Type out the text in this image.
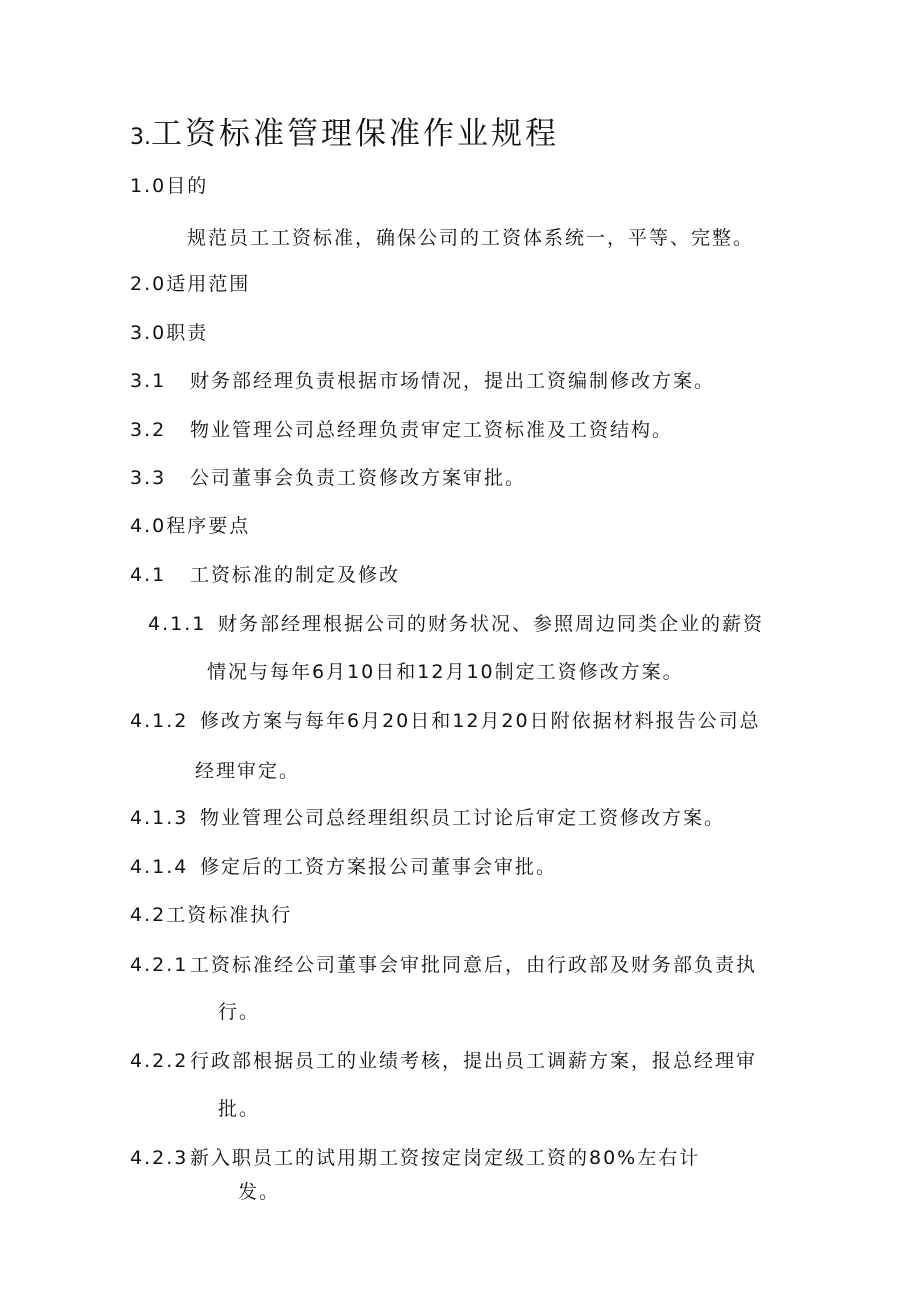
3.工资标准管理保准作业规程
1.0目的
规范员工工资标准，确保公司的工资体系统一，平等、完整。
2.0适用范围
3.0职责
3.1 财务部经理负责根据市场情况，提出工资编制修改方案。
3.2 物业管理公司总经理负责审定工资标准及工资结构。
3.3 公司董事会负责工资修改方案审批。
4.0程序要点
4.1 工资标准的制定及修改
4.1.1 财务部经理根据公司的财务状况、参照周边同类企业的薪资
情况与每年6月10日和12月10制定工资修改方案。
4.1.2 修改方案与每年6月20日和12月20日附依据材料报告公司总
经理审定。
4.1.3 物业管理公司总经理组织员工讨论后审定工资修改方案。
4.1.4 修定后的工资方案报公司董事会审批。
4.2工资标准执行
4.2.1工资标准经公司董事会审批同意后，由行政部及财务部负责执
行。
4.2.2行政部根据员工的业绩考核，提出员工调薪方案，报总经理审
批。
4.2.3新入职员工的试用期工资按定岗定级工资的80%左右计
发。
